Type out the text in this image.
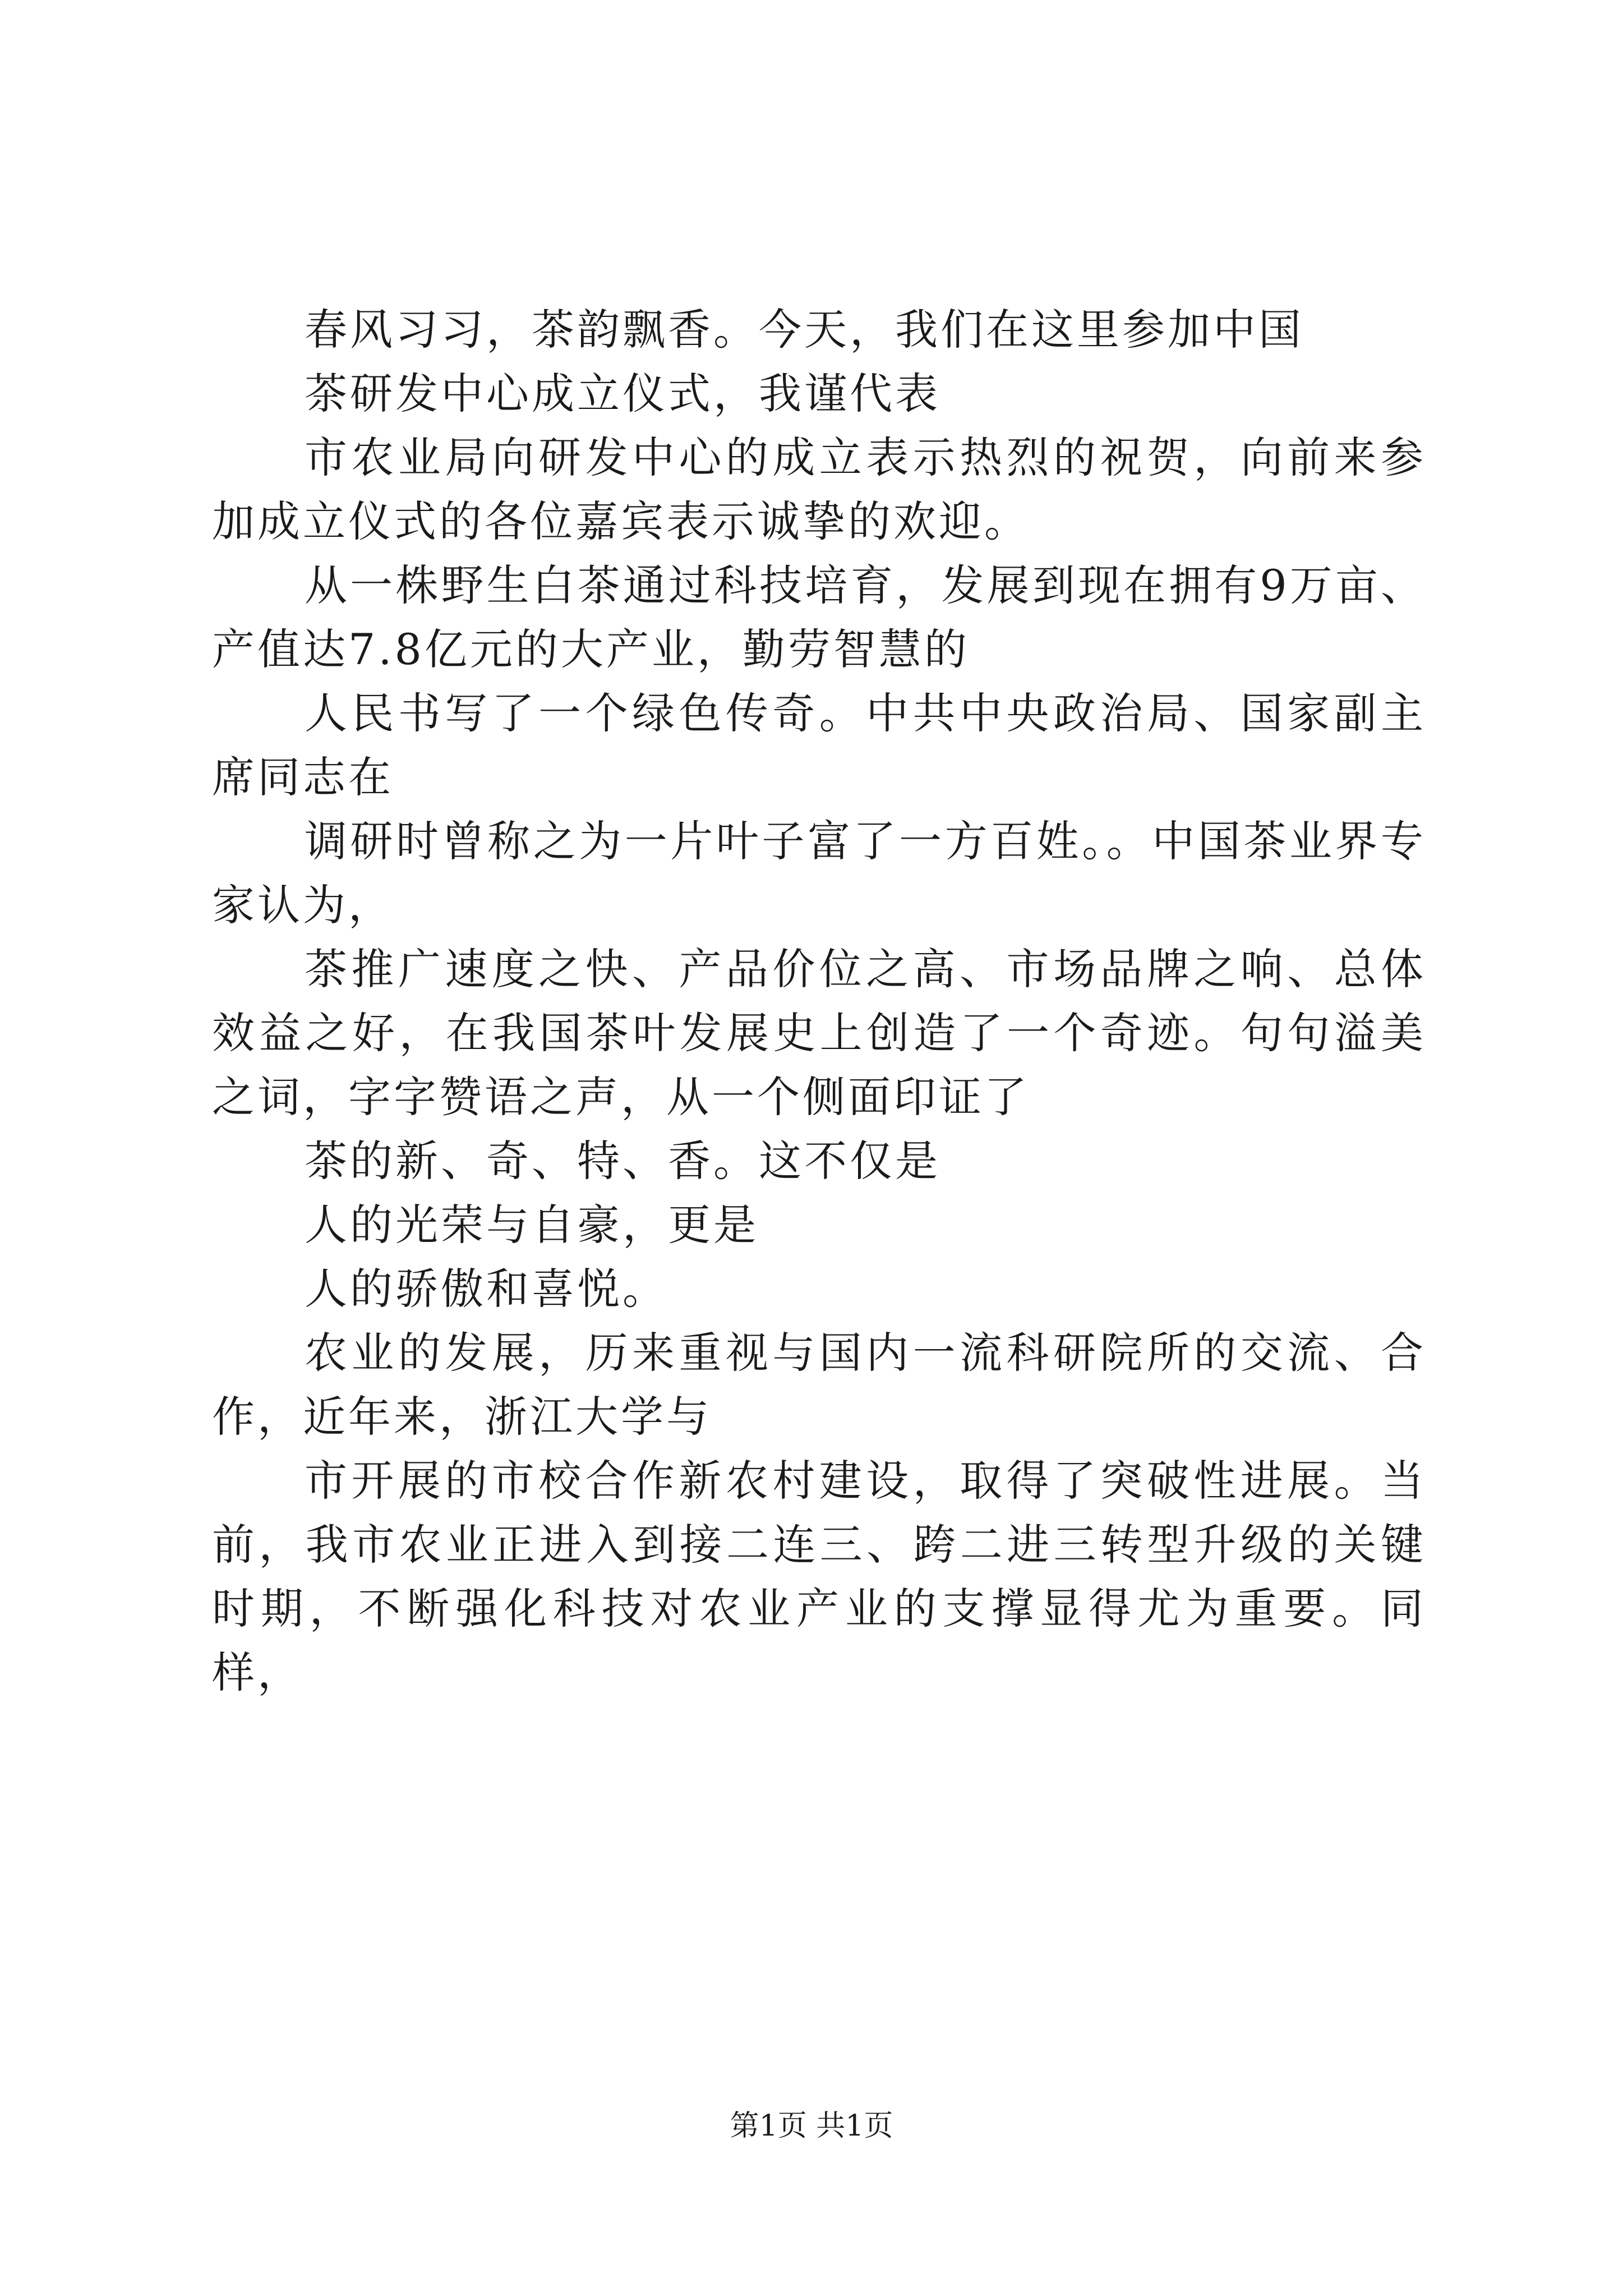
春风习习，茶韵飘香。今天，我们在这里参加中国

茶研发中心成立仪式，我谨代表

市农业局向研发中心的成立表示热烈的祝贺，向前来参加成立仪式的各位嘉宾表示诚挚的欢迎。

从一株野生白茶通过科技培育，发展到现在拥有9万亩、产值达7.8亿元的大产业，勤劳智慧的

人民书写了一个绿色传奇。中共中央政治局、国家副主席同志在

调研时曾称之为一片叶子富了一方百姓。。中国茶业界专家认为，

茶推广速度之快、产品价位之高、市场品牌之响、总体效益之好，在我国茶叶发展史上创造了一个奇迹。句句溢美之词，字字赞语之声，从一个侧面印证了

茶的新、奇、特、香。这不仅是

人的光荣与自豪，更是

人的骄傲和喜悦。

农业的发展，历来重视与国内一流科研院所的交流、合作，近年来，浙江大学与

市开展的市校合作新农村建设，取得了突破性进展。当前，我市农业正进入到接二连三、跨二进三转型升级的关键时期，不断强化科技对农业产业的支撑显得尤为重要。同样，

第1页 共1页
